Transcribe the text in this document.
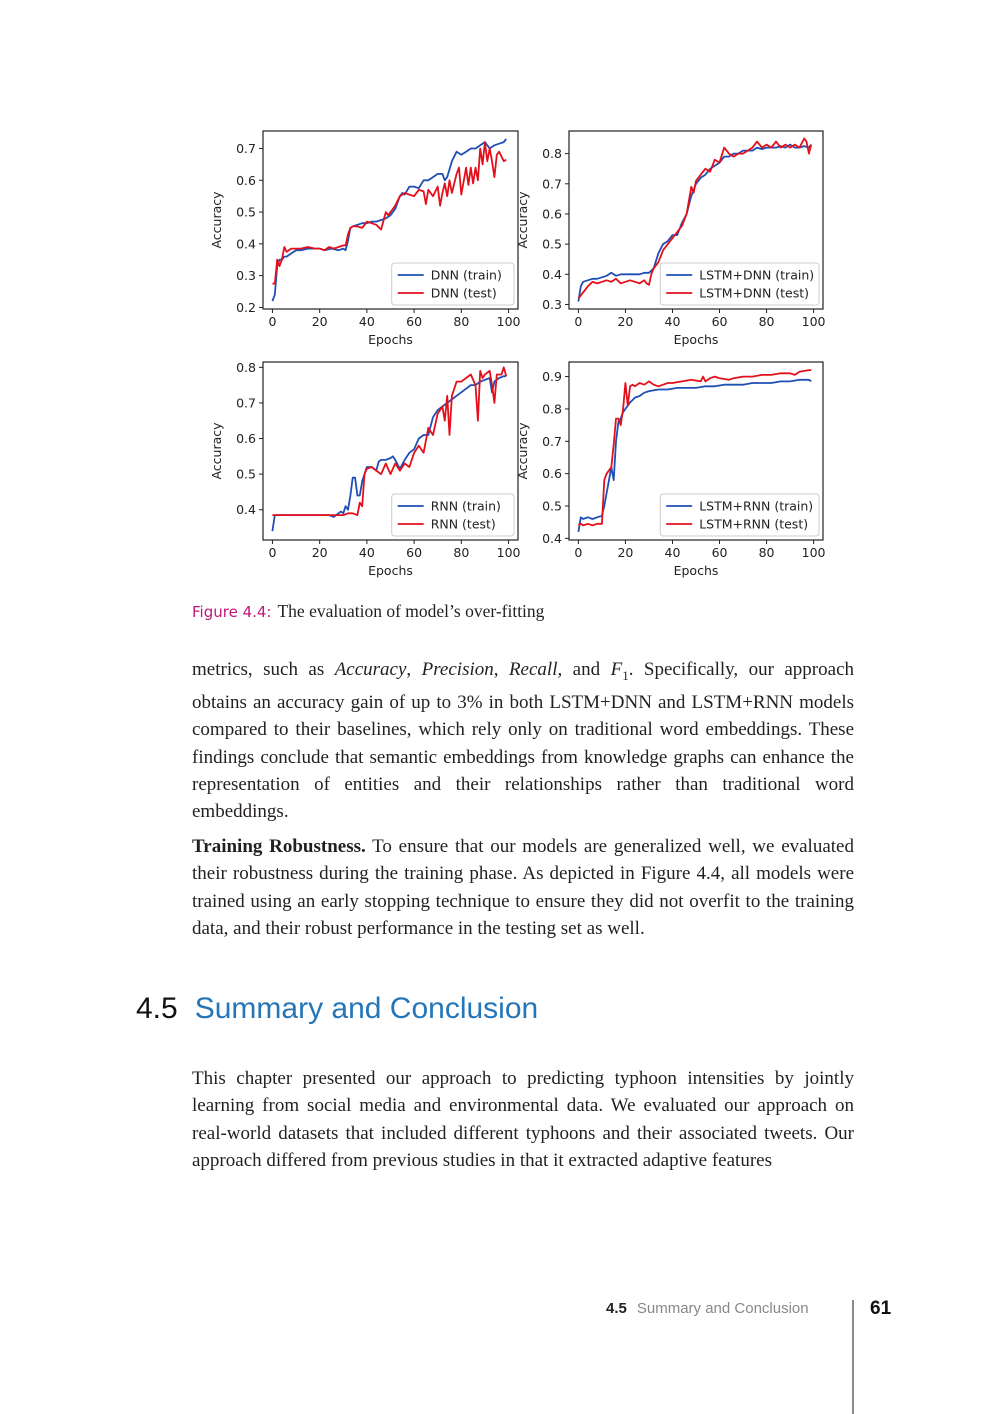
0	20	40	60	80 100
0.2
0.3
0.4
0.5
0.6
0.7
Epochs
Accuracy
DNN (train)
DNN (test)
0	20 40 60 80 100
0.3
0.4
0.5
0.6
0.7
0.8
Epochs
Accuracy
LSTM+DNN (train)
LSTM+DNN (test)
0	20	40	60	80 100
0.4
0.5
0.6
0.7
0.8
Epochs
Accuracy
RNN (train)
RNN (test)
0	20 40 60 80 100
0.4
0.5
0.6
0.7
0.8
0.9
Epochs
Accuracy
LSTM+RNN (train)
LSTM+RNN (test)
Figure 4.4: The evaluation of model’s over-fitting
metrics, such as Accuracy, Precision, Recall, and $F_1$. Specifically, our approach obtains an accuracy gain of up to 3% in both LSTM+DNN and LSTM+RNN models compared to their baselines, which rely only on traditional word embeddings. These findings conclude that semantic embeddings from knowledge graphs can enhance the representation of entities and their relationships rather than traditional word embeddings.
Training Robustness. To ensure that our models are generalized well, we evaluated their robustness during the training phase. As depicted in Figure 4.4, all models were trained using an early stopping technique to ensure they did not overfit to the training data, and their robust performance in the testing set as well.
4.5 Summary and Conclusion
This chapter presented our approach to predicting typhoon intensities by jointly learning from social media and environmental data. We evaluated our approach on real-world datasets that included different typhoons and their associated tweets. Our approach differed from previous studies in that it extracted adaptive features
4.5 Summary and Conclusion	61
